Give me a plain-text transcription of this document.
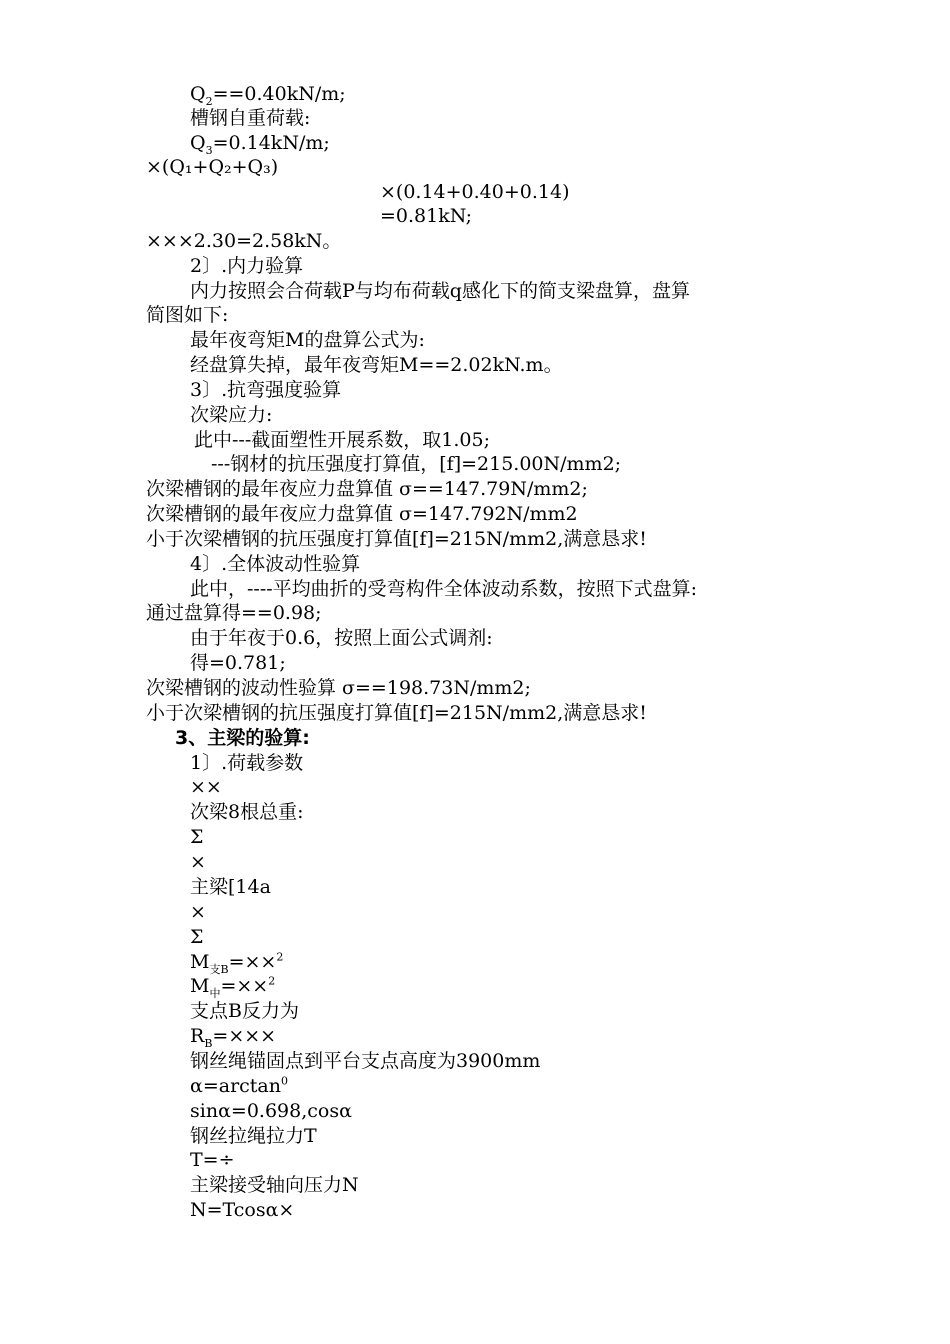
$Q_2==0.40kN/m$;
槽钢自重荷载:
$Q_3=0.14kN/m$;
×(Q₁+Q₂+Q₃)
×(0.14+0.40+0.14)
=0.81kN;
×××2.30=2.58kN。
2〕.内力验算
内力按照会合荷载P与均布荷载q感化下的简支梁盘算，盘算
简图如下:
最年夜弯矩M的盘算公式为:
经盘算失掉，最年夜弯矩M==2.02kN.m。
3〕.抗弯强度验算
次梁应力:
此中---截面塑性开展系数，取1.05;
---钢材的抗压强度打算值，[f]=215.00N/mm2;
次梁槽钢的最年夜应力盘算值 σ==147.79N/mm2;
次梁槽钢的最年夜应力盘算值 σ=147.792N/mm2
小于次梁槽钢的抗压强度打算值[f]=215N/mm2,满意恳求!
4〕.全体波动性验算
此中，----平均曲折的受弯构件全体波动系数，按照下式盘算:
通过盘算得==0.98;
由于年夜于0.6，按照上面公式调剂:
得=0.781;
次梁槽钢的波动性验算 σ==198.73N/mm2;
小于次梁槽钢的抗压强度打算值[f]=215N/mm2,满意恳求!
3、主梁的验算:
1〕.荷载参数
××
次梁8根总重:
Σ
×
主梁[14a
×
Σ
$M_{支B}=\times\times^2$
$M_中=\times\times^2$
支点B反力为
$R_B=\times\times\times$
钢丝绳锚固点到平台支点高度为3900mm
$\alpha=\arctan^0$
sinα=0.698,cosα
钢丝拉绳拉力T
T=÷
主梁接受轴向压力N
N=Tcosα×
